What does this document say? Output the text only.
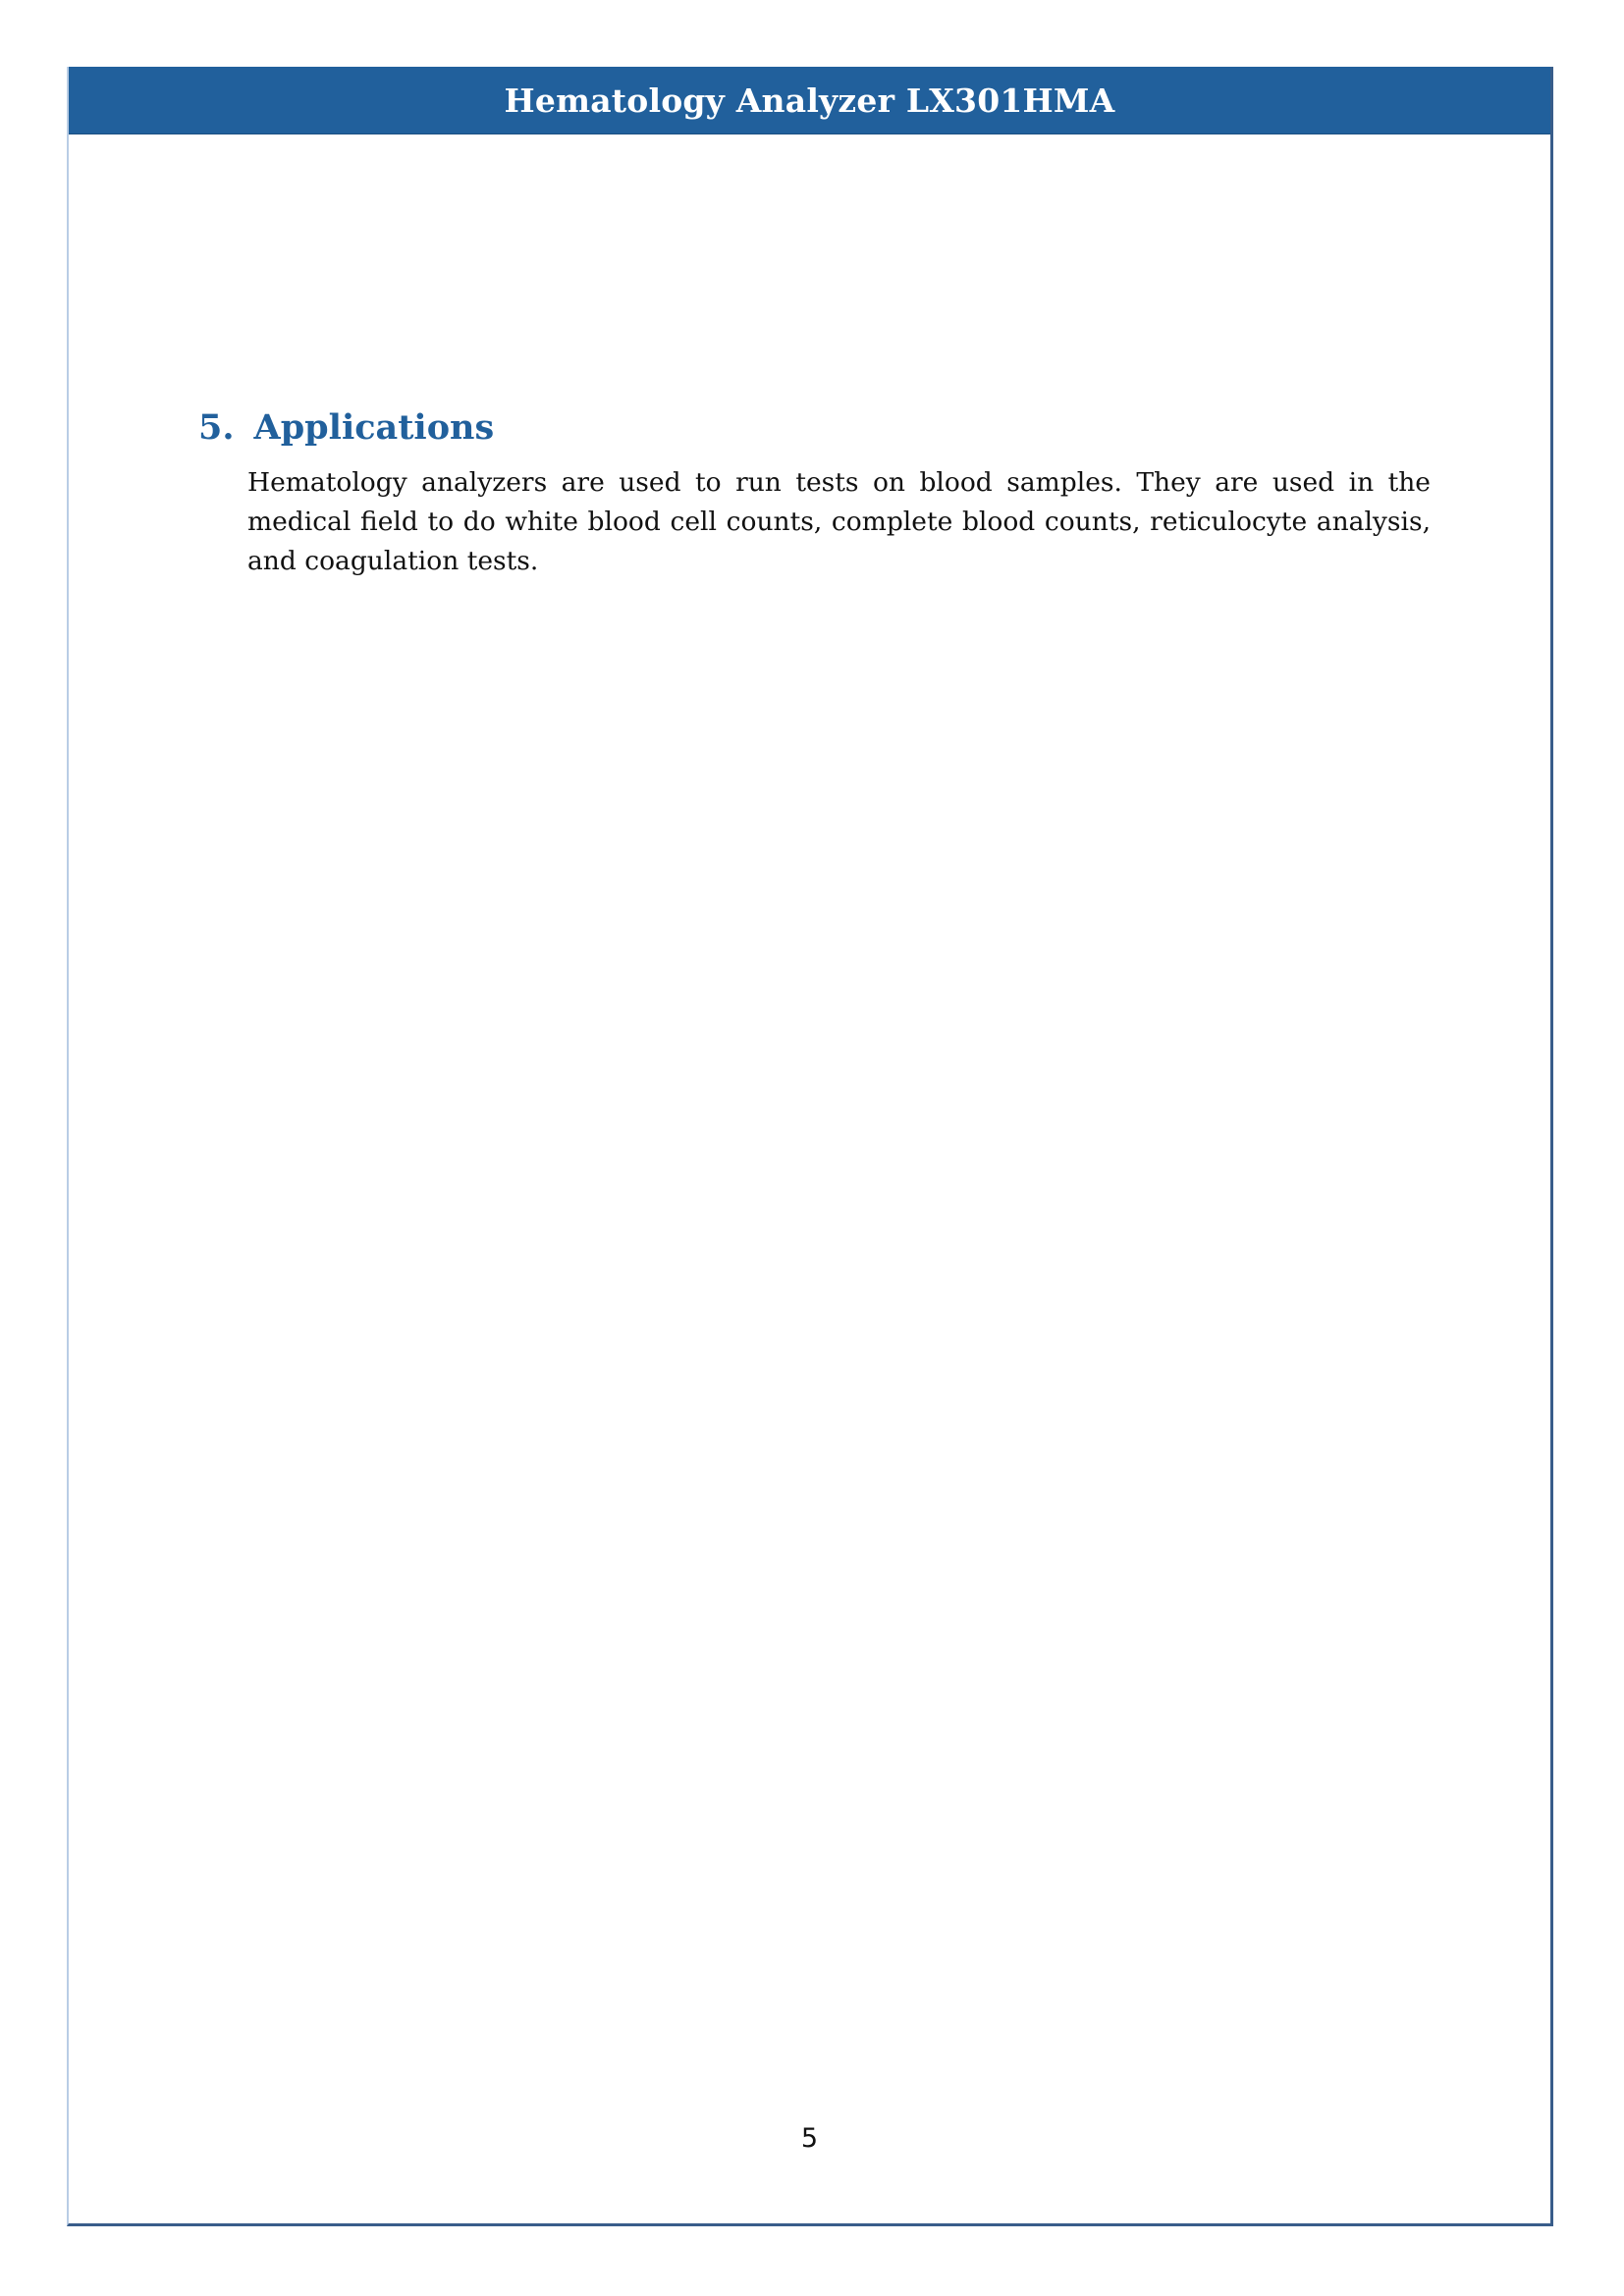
Hematology Analyzer LX301HMA
5. Applications

Hematology analyzers are used to run tests on blood samples. They are used in the medical field to do white blood cell counts, complete blood counts, reticulocyte analysis, and coagulation tests.

5
